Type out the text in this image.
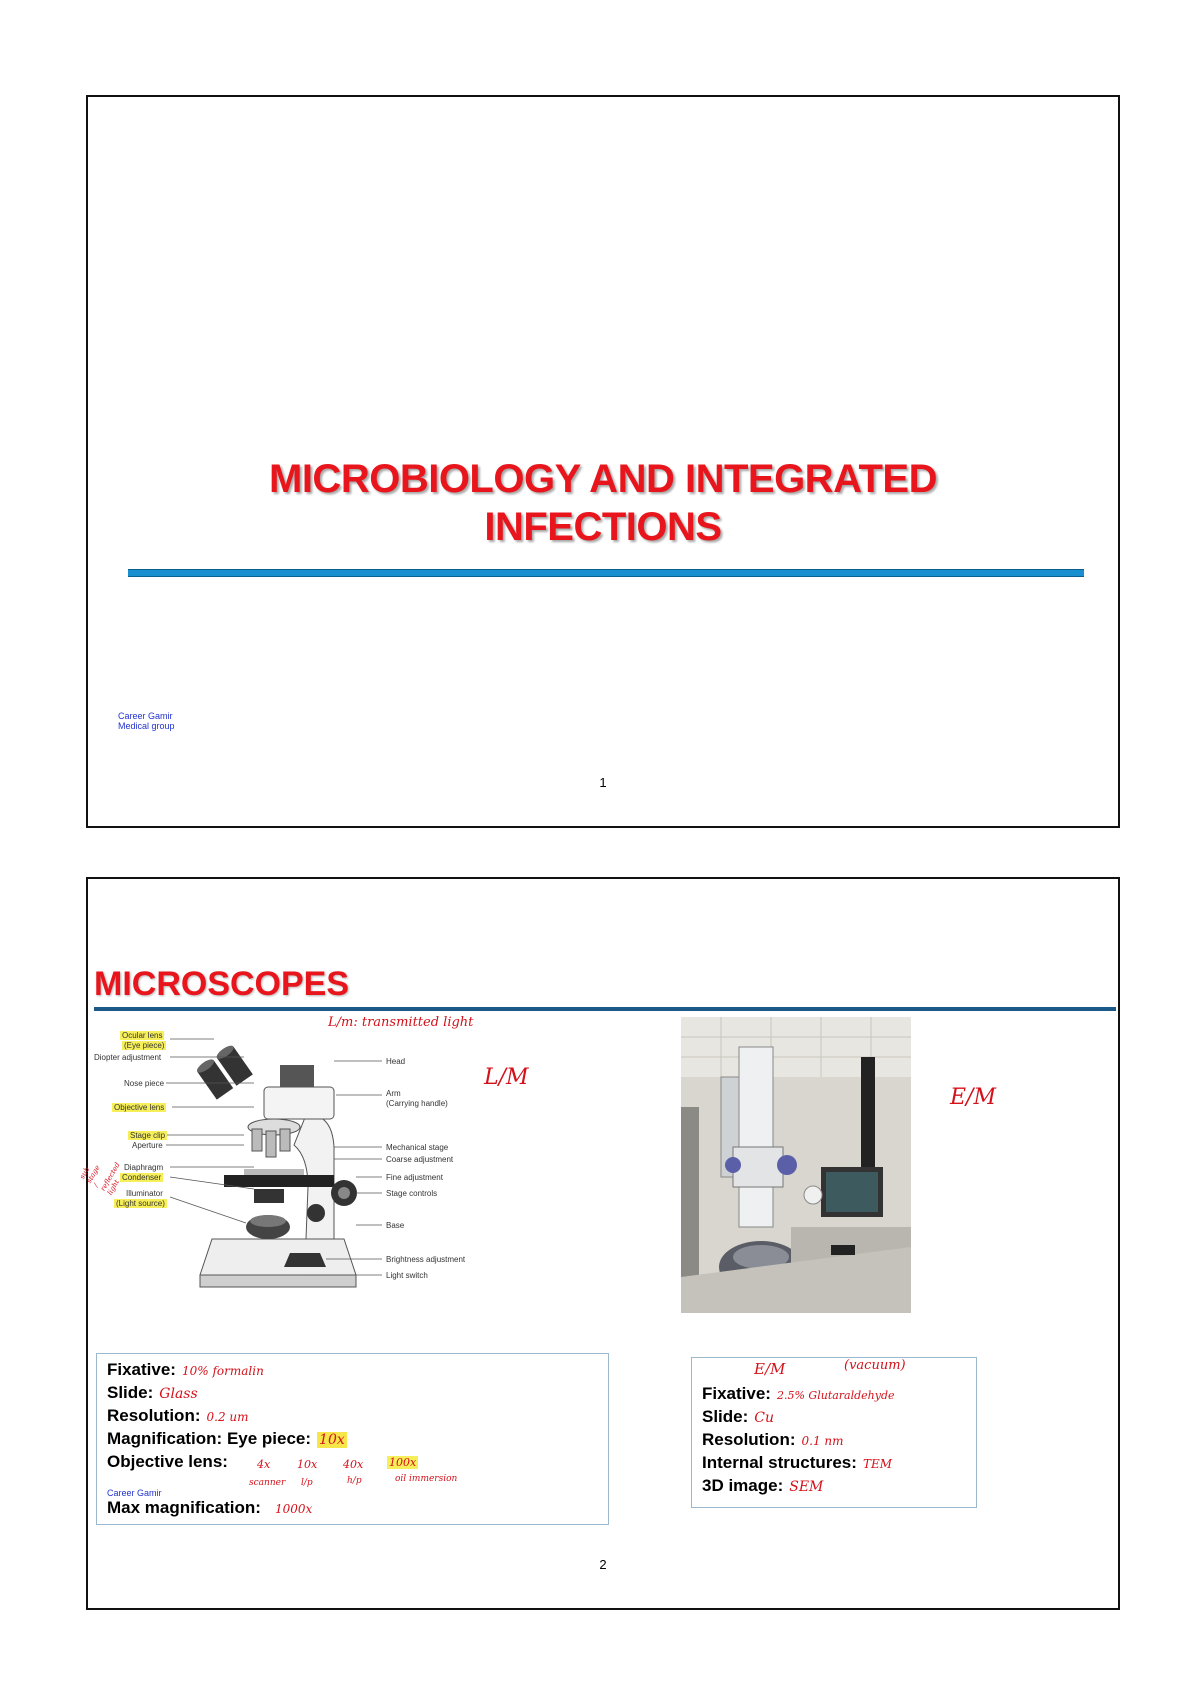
MICROBIOLOGY AND INTEGRATED
INFECTIONS
Career Gamir
Medical group
1
MICROSCOPES
L/m: transmitted light
L/M
E/M
Ocular lens
(Eye piece)
Diopter adjustment
Nose piece
Objective lens
Stage clip
Aperture
Diaphragm
Condenser
Illuminator
(Light source)
Head
Arm
(Carrying handle)
Mechanical stage
Coarse adjustment
Fine adjustment
Stage controls
Base
Brightness adjustment
Light switch
sub stage / reflected light
Fixative: 10% formalin
Slide: Glass
Resolution: 0.2 um
Magnification: Eye piece: 10x
Objective lens:	4x 10x 40x 100x
scanner l/p	h/p	oil immersion
Career Gamir
Max magnification: 1000x
E/M	(vacuum)
Fixative: 2.5% Glutaraldehyde
Slide: Cu
Resolution: 0.1 nm
Internal structures: TEM
3D image: SEM
2
